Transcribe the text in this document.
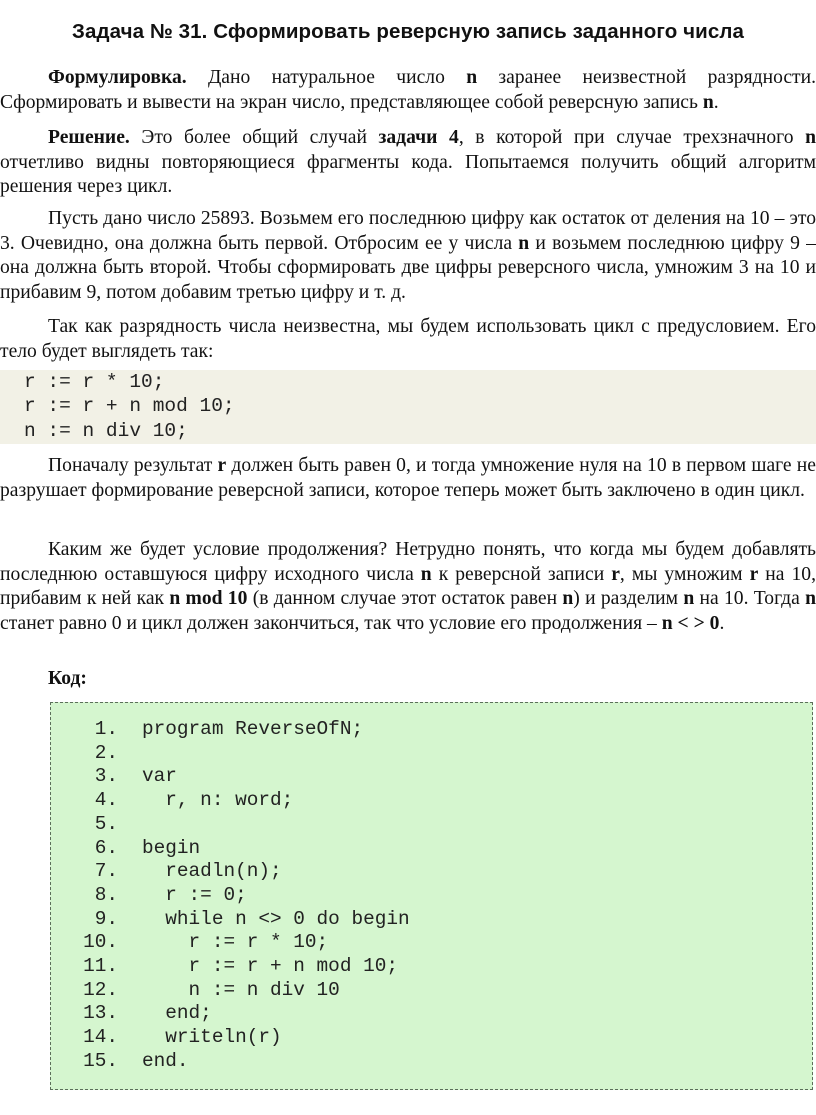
Задача № 31. Сформировать реверсную запись заданного числа

Формулировка. Дано натуральное число n заранее неизвестной разрядности. Сформировать и вывести на экран число, представляющее собой реверсную запись n.

Решение. Это более общий случай задачи 4, в которой при случае трехзначного n отчетливо видны повторяющиеся фрагменты кода. Попытаемся получить общий алгоритм решения через цикл.

Пусть дано число 25893. Возьмем его последнюю цифру как остаток от деления на 10 – это 3. Очевидно, она должна быть первой. Отбросим ее у числа n и возьмем последнюю цифру 9 – она должна быть второй. Чтобы сформировать две цифры реверсного числа, умножим 3 на 10 и прибавим 9, потом добавим третью цифру и т. д.

Так как разрядность числа неизвестна, мы будем использовать цикл с предусловием. Его тело будет выглядеть так:

r := r * 10;
r := r + n mod 10;
n := n div 10;

Поначалу результат r должен быть равен 0, и тогда умножение нуля на 10 в первом шаге не разрушает формирование реверсной записи, которое теперь может быть заключено в один цикл.

Каким же будет условие продолжения? Нетрудно понять, что когда мы будем добавлять последнюю оставшуюся цифру исходного числа n к реверсной записи r, мы умножим r на 10, прибавим к ней как n mod 10 (в данном случае этот остаток равен n) и разделим n на 10. Тогда n станет равно 0 и цикл должен закончиться, так что условие его продолжения – n < > 0.

Код:

1. program ReverseOfN;
2.
3. var
4.  r, n: word;
5.
6. begin
7.  readln(n);
8.  r := 0;
9.  while n <> 0 do begin
10.    r := r * 10;
11.    r := r + n mod 10;
12.    n := n div 10
13.  end;
14.  writeln(r)
15. end.
